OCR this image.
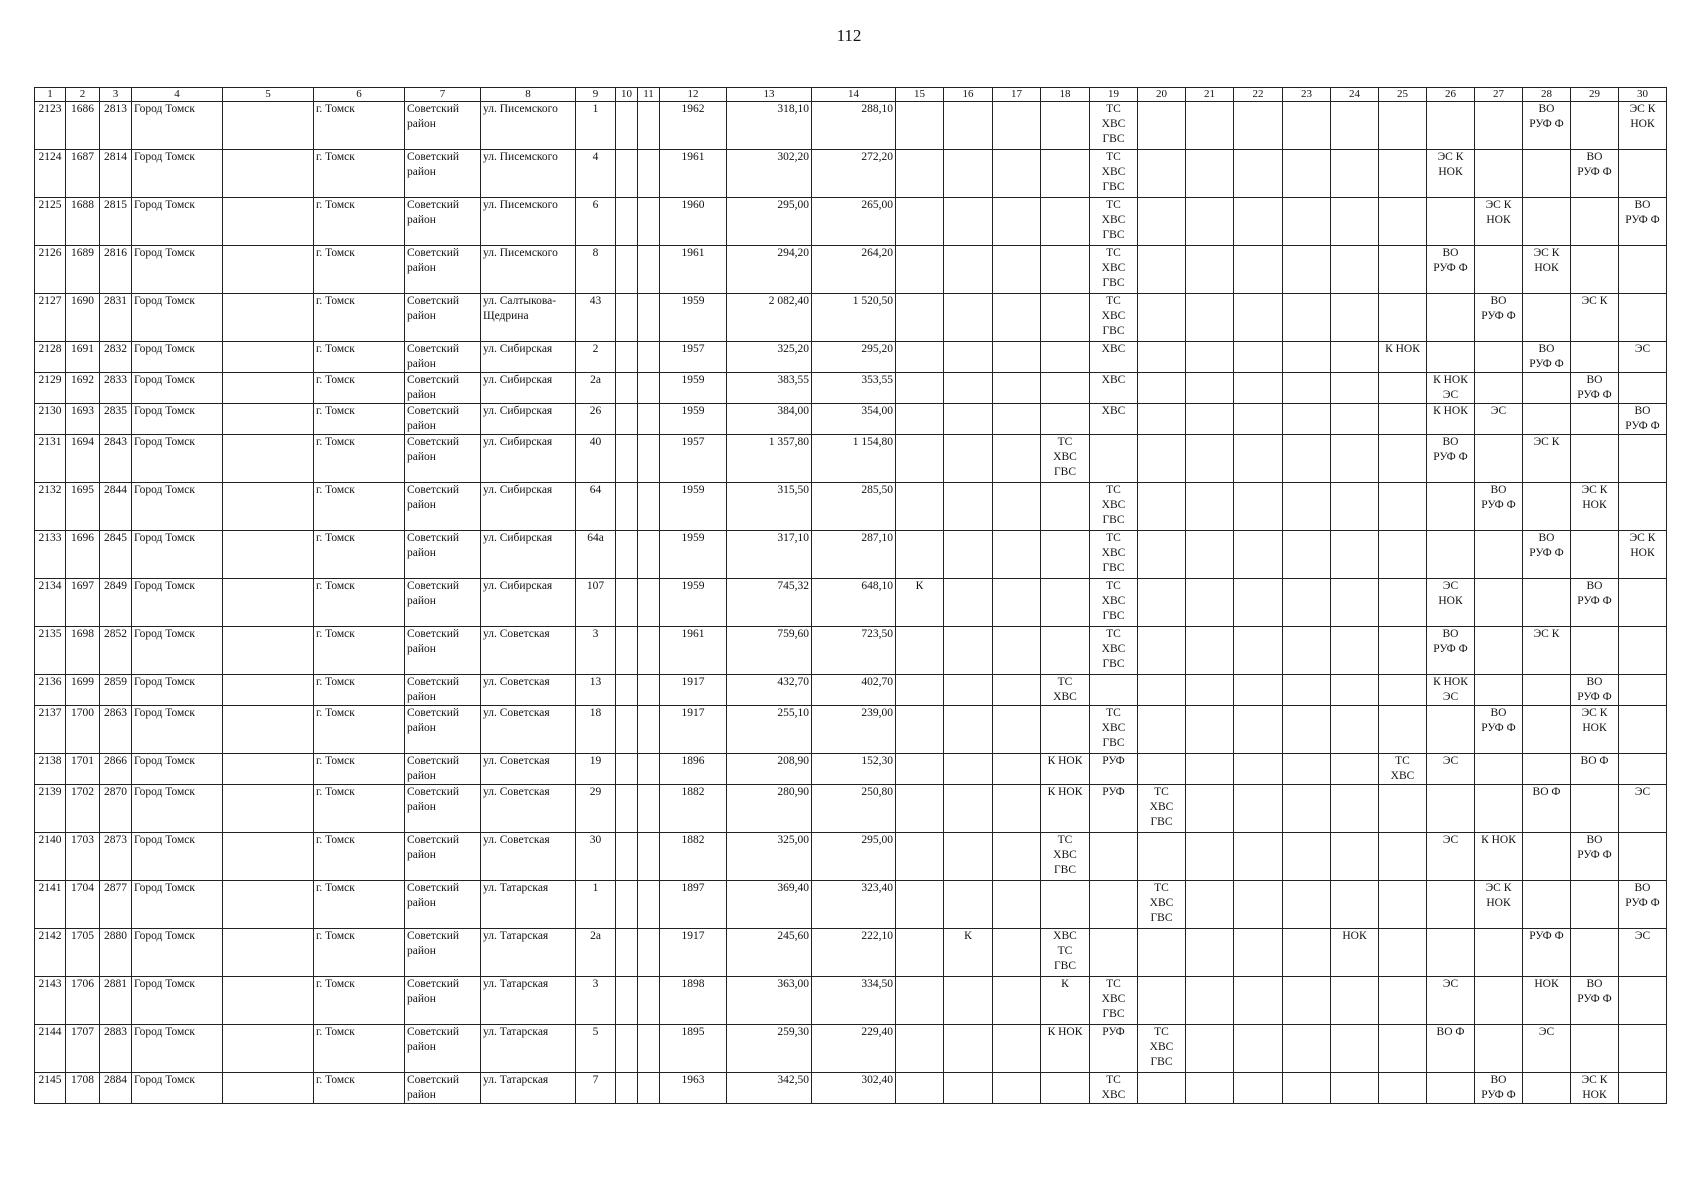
112
1	2	3	4	5	6	7	8	9	10	11	12	13	14	15	16	17	18	19	20	21	22	23	24	25	26	27	28	29	30
2123	1686	2813	Город Томск		г. Томск	Советский район	ул. Писемского	1			1962	318,10	288,10					ТС
ХВС
ГВС									ВО
РУФ Ф		ЭС К
НОК
2124	1687	2814	Город Томск		г. Томск	Советский район	ул. Писемского	4			1961	302,20	272,20					ТС
ХВС
ГВС							ЭС К
НОК			ВО
РУФ Ф	
2125	1688	2815	Город Томск		г. Томск	Советский район	ул. Писемского	6			1960	295,00	265,00					ТС
ХВС
ГВС								ЭС К
НОК			ВО
РУФ Ф
2126	1689	2816	Город Томск		г. Томск	Советский район	ул. Писемского	8			1961	294,20	264,20					ТС
ХВС
ГВС							ВО
РУФ Ф		ЭС К
НОК		
2127	1690	2831	Город Томск		г. Томск	Советский район	ул. Салтыкова-Щедрина	43			1959	2 082,40	1 520,50					ТС
ХВС
ГВС								ВО
РУФ Ф		ЭС К	
2128	1691	2832	Город Томск		г. Томск	Советский район	ул. Сибирская	2			1957	325,20	295,20					ХВС						К НОК			ВО
РУФ Ф		ЭС
2129	1692	2833	Город Томск		г. Томск	Советский район	ул. Сибирская	2а			1959	383,55	353,55					ХВС							К НОК
ЭС			ВО
РУФ Ф	
2130	1693	2835	Город Томск		г. Томск	Советский район	ул. Сибирская	26			1959	384,00	354,00					ХВС							К НОК	ЭС			ВО
РУФ Ф
2131	1694	2843	Город Томск		г. Томск	Советский район	ул. Сибирская	40			1957	1 357,80	1 154,80				ТС
ХВС
ГВС								ВО
РУФ Ф		ЭС К		
2132	1695	2844	Город Томск		г. Томск	Советский район	ул. Сибирская	64			1959	315,50	285,50					ТС
ХВС
ГВС								ВО
РУФ Ф		ЭС К
НОК	
2133	1696	2845	Город Томск		г. Томск	Советский район	ул. Сибирская	64а			1959	317,10	287,10					ТС
ХВС
ГВС									ВО
РУФ Ф		ЭС К
НОК
2134	1697	2849	Город Томск		г. Томск	Советский район	ул. Сибирская	107			1959	745,32	648,10	К				ТС
ХВС
ГВС							ЭС
НОК			ВО
РУФ Ф	
2135	1698	2852	Город Томск		г. Томск	Советский район	ул. Советская	3			1961	759,60	723,50					ТС
ХВС
ГВС							ВО
РУФ Ф		ЭС К		
2136	1699	2859	Город Томск		г. Томск	Советский район	ул. Советская	13			1917	432,70	402,70				ТС
ХВС								К НОК
ЭС			ВО
РУФ Ф	
2137	1700	2863	Город Томск		г. Томск	Советский район	ул. Советская	18			1917	255,10	239,00					ТС
ХВС
ГВС								ВО
РУФ Ф		ЭС К
НОК	
2138	1701	2866	Город Томск		г. Томск	Советский район	ул. Советская	19			1896	208,90	152,30				К НОК	РУФ						ТС
ХВС	ЭС			ВО Ф	
2139	1702	2870	Город Томск		г. Томск	Советский район	ул. Советская	29			1882	280,90	250,80				К НОК	РУФ	ТС
ХВС
ГВС								ВО Ф		ЭС
2140	1703	2873	Город Томск		г. Томск	Советский район	ул. Советская	30			1882	325,00	295,00				ТС
ХВС
ГВС								ЭС	К НОК		ВО
РУФ Ф	
2141	1704	2877	Город Томск		г. Томск	Советский район	ул. Татарская	1			1897	369,40	323,40						ТС
ХВС
ГВС							ЭС К
НОК			ВО
РУФ Ф
2142	1705	2880	Город Томск		г. Томск	Советский район	ул. Татарская	2а			1917	245,60	222,10		К		ХВС
ТС
ГВС						НОК				РУФ Ф		ЭС
2143	1706	2881	Город Томск		г. Томск	Советский район	ул. Татарская	3			1898	363,00	334,50				К	ТС
ХВС
ГВС							ЭС		НОК	ВО
РУФ Ф	
2144	1707	2883	Город Томск		г. Томск	Советский район	ул. Татарская	5			1895	259,30	229,40				К НОК	РУФ	ТС
ХВС
ГВС						ВО Ф		ЭС		
2145	1708	2884	Город Томск		г. Томск	Советский район	ул. Татарская	7			1963	342,50	302,40					ТС
ХВС								ВО
РУФ Ф		ЭС К
НОК	
